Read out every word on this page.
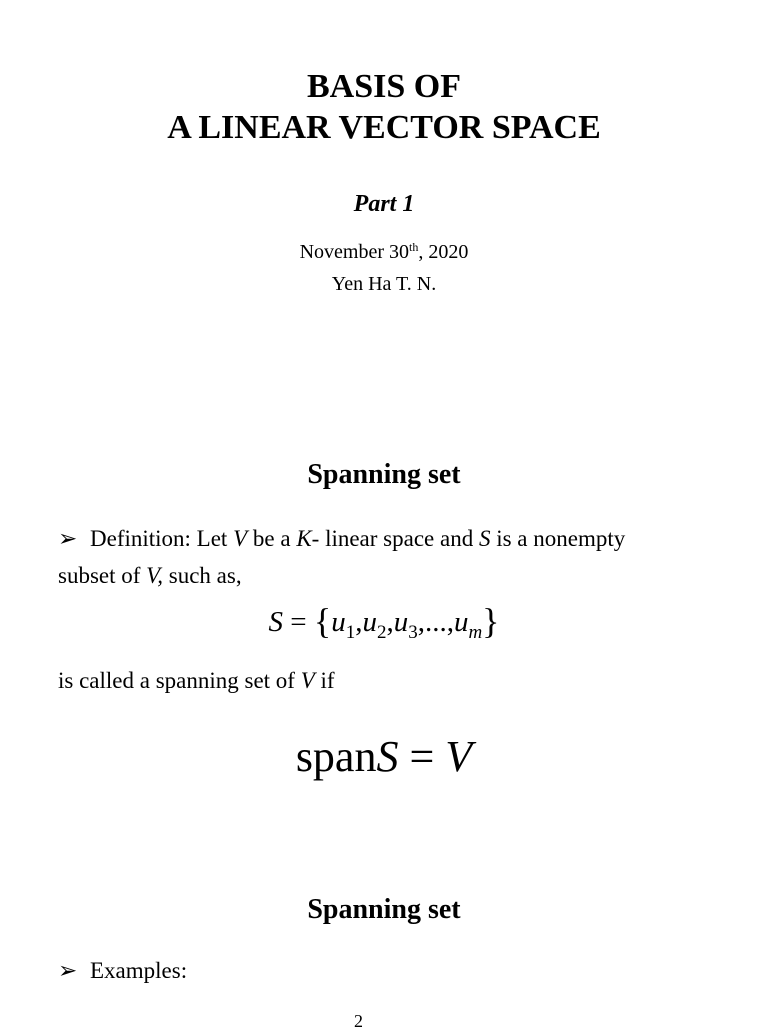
BASIS OF
A LINEAR VECTOR SPACE
Part 1
November 30th, 2020
Yen Ha T. N.
Spanning set
➢ Definition: Let V be a K- linear space and S is a nonempty
subset of V, such as,
$S = \{u_1,u_2,u_3,...,u_m\}$
is called a spanning set of V if
spanS = V
Spanning set
➢ Examples:
2
